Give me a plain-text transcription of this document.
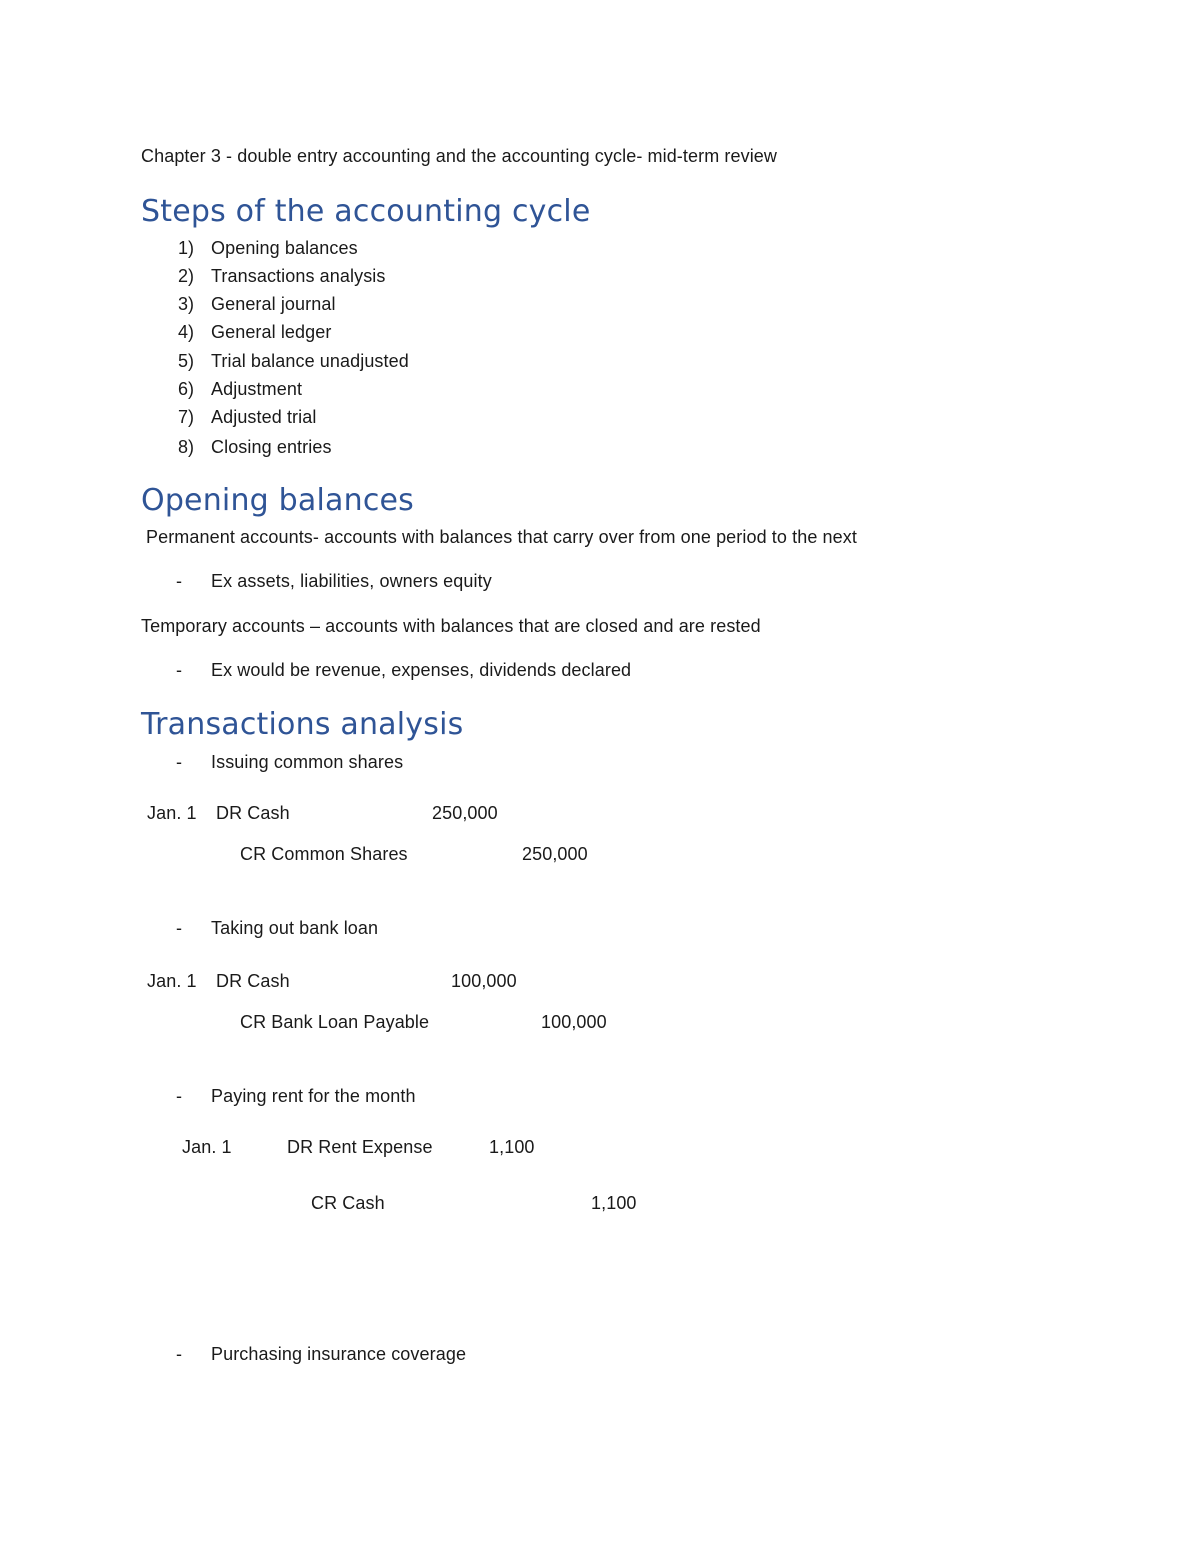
Chapter 3 - double entry accounting and the accounting cycle- mid-term review
Steps of the accounting cycle
1) Opening balances
2) Transactions analysis
3) General journal
4) General ledger
5) Trial balance unadjusted
6) Adjustment
7) Adjusted trial
8) Closing entries
Opening balances
Permanent accounts- accounts with balances that carry over from one period to the next
- Ex assets, liabilities, owners equity
Temporary accounts – accounts with balances that are closed and are rested
- Ex would be revenue, expenses, dividends declared
Transactions analysis
- Issuing common shares
Jan. 1 DR Cash	250,000
CR Common Shares	250,000
- Taking out bank loan
Jan. 1 DR Cash	100,000
CR Bank Loan Payable	100,000
- Paying rent for the month
Jan. 1	DR Rent Expense	1,100
CR Cash	1,100
- Purchasing insurance coverage
